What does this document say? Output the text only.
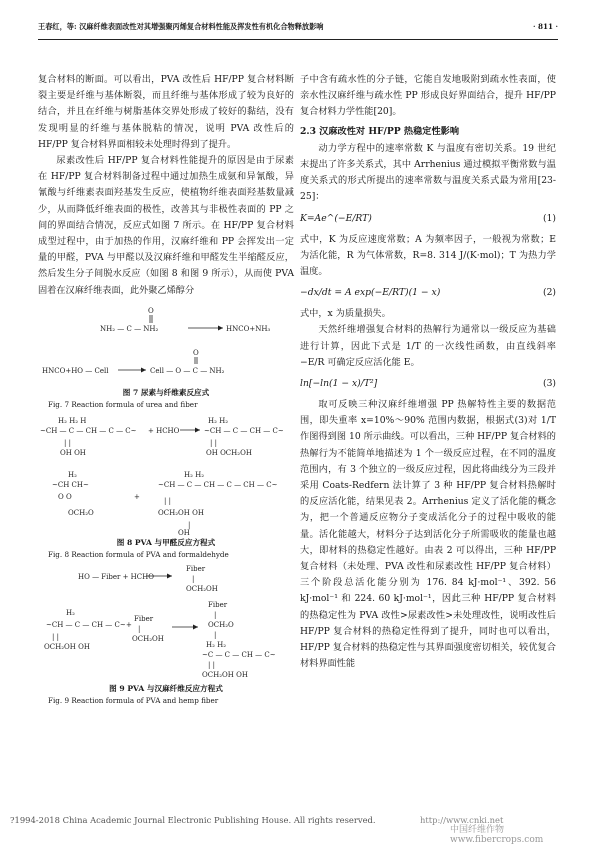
王春红，等: 汉麻纤维表面改性对其增强聚丙烯复合材料性能及挥发性有机化合物释放影响	· 811 ·

复合材料的断面。可以看出，PVA 改性后 HF/PP 复合材料断裂主要是纤维与基体断裂，而且纤维与基体形成了较为良好的结合，并且在纤维与树脂基体交界处形成了较好的黏结，没有发现明显的纤维与基体脱粘的情况，说明 PVA 改性后的 HF/PP 复合材料界面相较未处理时得到了提升。

尿素改性后 HF/PP 复合材料性能提升的原因是由于尿素在 HF/PP 复合材料制备过程中通过加热生成氨和异氰酸，异氰酸与纤维素表面羟基发生反应，使植物纤维表面羟基数量减少，从而降低纤维表面的极性，改善其与非极性表面的 PP 之间的界面结合情况，反应式如图 7 所示。在 HF/PP 复合材料成型过程中，由于加热的作用，汉麻纤维和 PP 会挥发出一定量的甲醛，PVA 与甲醛以及汉麻纤维和甲醛发生半缩醛反应，然后发生分子间脱水反应（如图 8 和图 9 所示），从而使 PVA 固着在汉麻纤维表面，此外聚乙烯醇分

O
NH₂ — C — NH₂	HNCO+NH₃
O
HNCO+HO — Cell	Cell — O — C — NH₂
图 7 尿素与纤维素反应式
Fig. 7 Reaction formula of urea and fiber
H₂ H₂ H
~CH — C — CH — C — C~
| |
OH OH
+ HCHO
H₂ H₂
~CH — C — CH — C~
| |
OH OCH₂OH
H₂
~CH CH~
O O
OCH₂O
+
H₂ H₂
~CH — C — CH — C — CH — C~
| |
OCH₂OH OH
|
OH
图 8 PVA 与甲醛反应方程式
Fig. 8 Reaction formula of PVA and formaldehyde
HO — Fiber + HCHO
Fiber
|
OCH₂OH
H₂
~CH — C — CH — C~
| |
OCH₂OH OH
Fiber
+ |
OCH₂OH
Fiber
|
OCH₂O
|
H₂ H₂
~C — C — CH — C~
| |
OCH₂OH OH
图 9 PVA 与汉麻纤维反应方程式
Fig. 9 Reaction formula of PVA and hemp fiber

子中含有疏水性的分子链，它能自发地吸附到疏水性表面，使亲水性汉麻纤维与疏水性 PP 形成良好界面结合，提升 HF/PP 复合材料力学性能[20]。

2.3 汉麻改性对 HF/PP 热稳定性影响

动力学方程中的速率常数 K 与温度有密切关系。19 世纪末提出了许多关系式，其中 Arrhenius 通过模拟平衡常数与温度关系式的形式所提出的速率常数与温度关系式最为常用[23-25]：

K=Ae^(−E/RT)	(1)

式中，K 为反应速度常数；A 为频率因子，一般视为常数；E 为活化能，R 为气体常数，R=8. 314 J/(K·mol)；T 为热力学温度。

−dx/dt = A exp(−E/RT)(1 − x)	(2)

式中，x 为质量损失。

天然纤维增强复合材料的热解行为通常以一级反应为基础进行计算，因此下式是 1/T 的一次线性函数，由直线斜率 −E/R 可确定反应活化能 E。

ln[−ln(1 − x)/T²]	(3)

取可反映三种汉麻纤维增强 PP 热解特性主要的数据范围，即失重率 x=10%～90% 范围内数据，根据式(3)对 1/T 作图得到图 10 所示曲线。可以看出，三种 HF/PP 复合材料的热解行为不能简单地描述为 1 个一级反应过程，在不同的温度范围内，有 3 个独立的一级反应过程，因此将曲线分为三段并采用 Coats-Redfern 法计算了 3 种 HF/PP 复合材料热解时的反应活化能，结果见表 2。Arrhenius 定义了活化能的概念为，把一个普通反应物分子变成活化分子的过程中吸收的能量。活化能越大，材料分子达到活化分子所需吸收的能量也越大，即材料的热稳定性越好。由表 2 可以得出，三种 HF/PP 复合材料（未处理、PVA 改性和尿素改性 HF/PP 复合材料）三个阶段总活化能分别为 176. 84 kJ·mol⁻¹、392. 56 kJ·mol⁻¹ 和 224. 60 kJ·mol⁻¹，因此三种 HF/PP 复合材料的热稳定性为 PVA 改性>尿素改性>未处理改性，说明改性后 HF/PP 复合材料的热稳定性得到了提升，同时也可以看出，HF/PP 复合材料的热稳定性与其界面强度密切相关，较优复合材料界面性能

?1994-2018 China Academic Journal Electronic Publishing House. All rights reserved.	http://www.cnki.net
中国纤维作物 www.fibercrops.com
